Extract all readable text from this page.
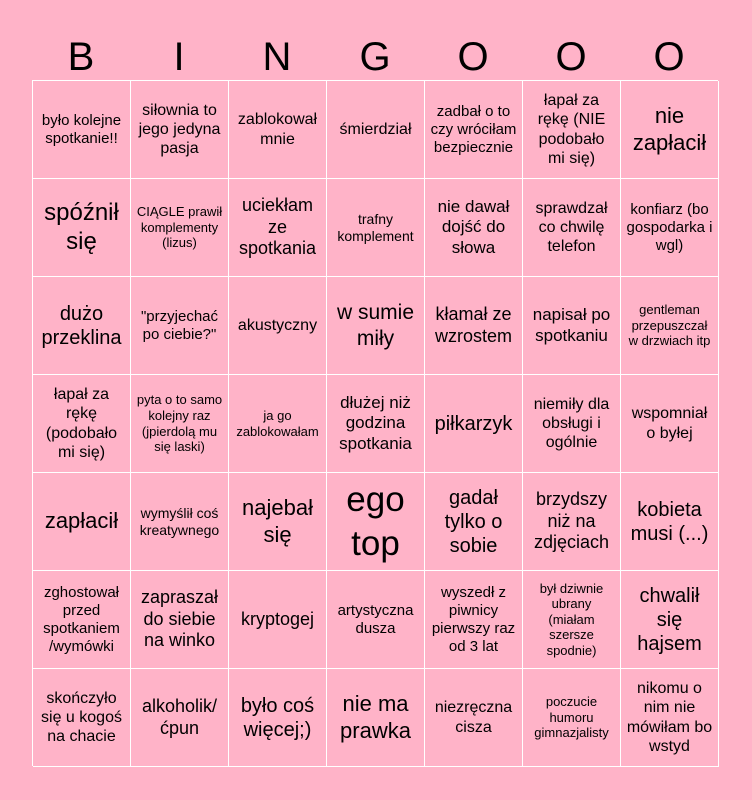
B	I	N	G	O	O	O
było kolejne spotkanie!!
siłownia to jego jedyna pasja
zablokował mnie
śmierdział
zadbał o to czy wróciłam bezpiecznie
łapał za rękę (NIE podobało mi się)
nie zapłacił
spóźnił się
CIĄGLE prawił komplementy (lizus)
uciekłam ze spotkania
trafny komplement
nie dawał dojść do słowa
sprawdzał co chwilę telefon
konfiarz (bo gospodarka i wgl)
dużo przeklina
"przyjechać po ciebie?"
akustyczny
w sumie miły
kłamał ze wzrostem
napisał po spotkaniu
gentleman przepuszczał w drzwiach itp
łapał za rękę (podobało mi się)
pyta o to samo kolejny raz (jpierdolą mu się laski)
ja go zablokowałam
dłużej niż godzina spotkania
piłkarzyk
niemiły dla obsługi i ogólnie
wspomniał o byłej
zapłacił	wymyślił coś kreatywnego
najebał się
ego top
gadał tylko o sobie
brzydszy niż na zdjęciach
kobieta musi (...)
zghostował przed spotkaniem /wymówki
zapraszał do siebie na winko
kryptogej	artystyczna dusza
wyszedł z piwnicy pierwszy raz od 3 lat
był dziwnie ubrany (miałam szersze spodnie)
chwalił się hajsem
skończyło się u kogoś na chacie
alkoholik/ ćpun
było coś więcej;)
nie ma prawka
niezręczna cisza
poczucie humoru gimnazjalisty
nikomu o nim nie mówiłam bo wstyd
